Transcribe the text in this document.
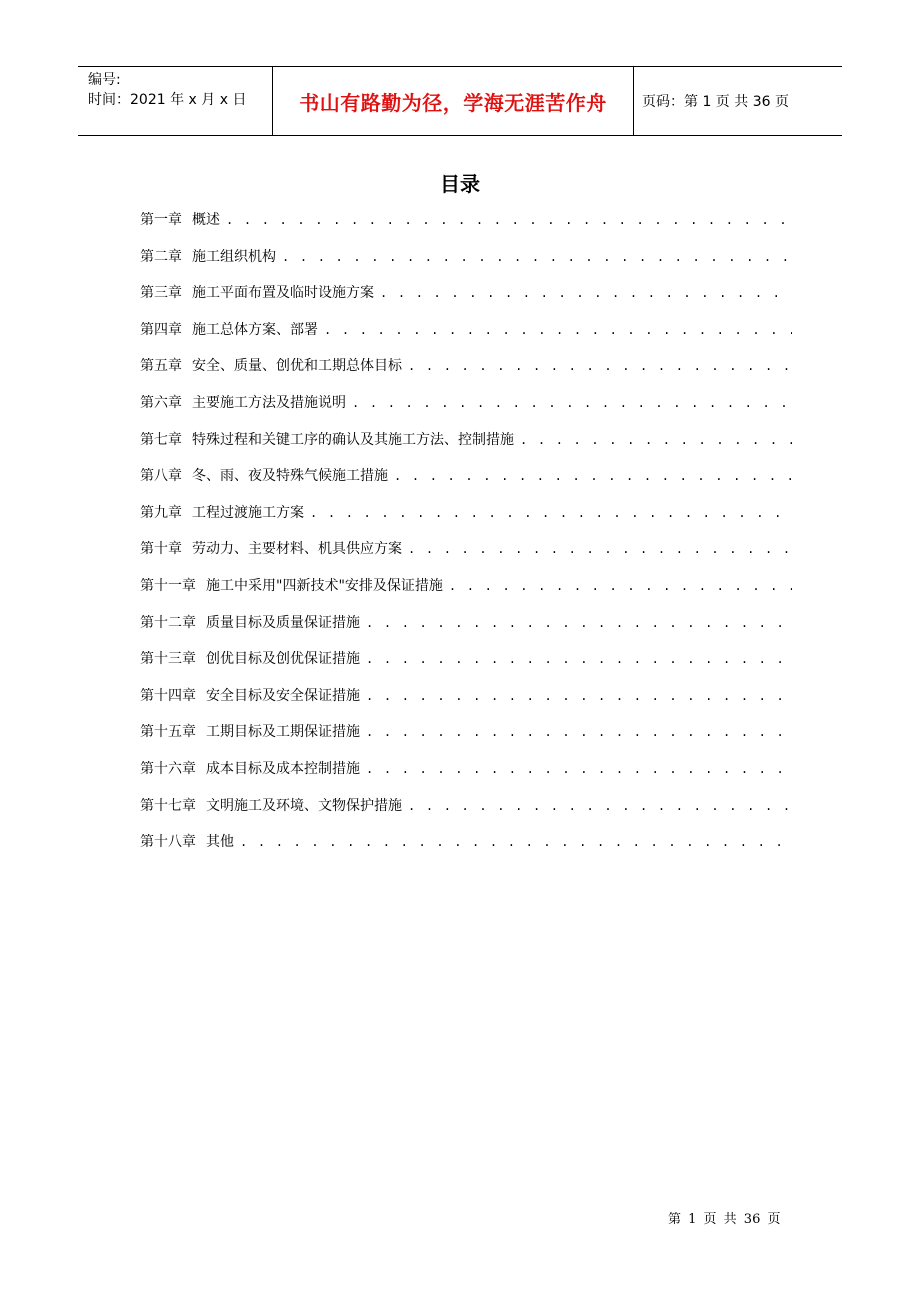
编号:
时间：2021 年 x 月 x 日	书山有路勤为径，学海无涯苦作舟	页码：第 1 页 共 36 页
目录
第一章 概述
. . .
第二章 施工组织机构
. . .
第三章 施工平面布置及临时设施方案
. . .
第四章 施工总体方案、部署
. . .
第五章 安全、质量、创优和工期总体目标
. . .
第六章 主要施工方法及措施说明
. . .
第七章 特殊过程和关键工序的确认及其施工方法、控制措施
. . .
第八章 冬、雨、夜及特殊气候施工措施
. . .
第九章 工程过渡施工方案
. . .
第十章 劳动力、主要材料、机具供应方案
. . .
第十一章 施工中采用"四新技术"安排及保证措施
. . .
第十二章 质量目标及质量保证措施
. . .
第十三章 创优目标及创优保证措施
. . .
第十四章 安全目标及安全保证措施
. . .
第十五章 工期目标及工期保证措施
. . .
第十六章 成本目标及成本控制措施
. . .
第十七章 文明施工及环境、文物保护措施
. . .
第十八章 其他
. . .
第 1 页 共 36 页
